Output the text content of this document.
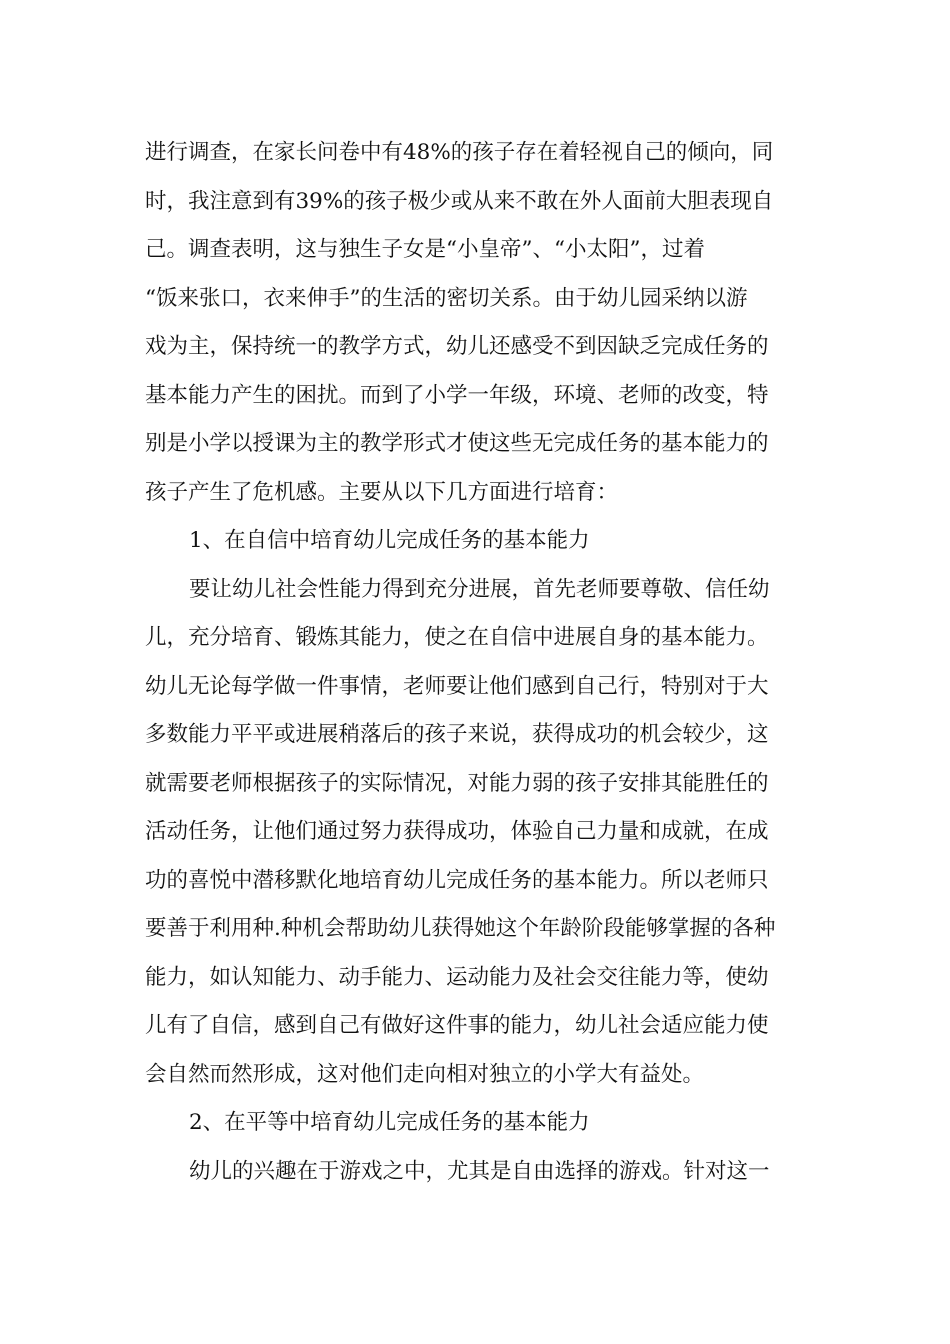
进行调查，在家长问卷中有48%的孩子存在着轻视自己的倾向，同
时，我注意到有39%的孩子极少或从来不敢在外人面前大胆表现自
己。调查表明，这与独生子女是“小皇帝”、“小太阳”，过着
“饭来张口，衣来伸手”的生活的密切关系。由于幼儿园采纳以游
戏为主，保持统一的教学方式，幼儿还感受不到因缺乏完成任务的
基本能力产生的困扰。而到了小学一年级，环境、老师的改变，特
别是小学以授课为主的教学形式才使这些无完成任务的基本能力的
孩子产生了危机感。主要从以下几方面进行培育：
1、在自信中培育幼儿完成任务的基本能力
要让幼儿社会性能力得到充分进展，首先老师要尊敬、信任幼
儿，充分培育、锻炼其能力，使之在自信中进展自身的基本能力。
幼儿无论每学做一件事情，老师要让他们感到自己行，特别对于大
多数能力平平或进展稍落后的孩子来说，获得成功的机会较少，这
就需要老师根据孩子的实际情况，对能力弱的孩子安排其能胜任的
活动任务，让他们通过努力获得成功，体验自己力量和成就，在成
功的喜悦中潜移默化地培育幼儿完成任务的基本能力。所以老师只
要善于利用种.种机会帮助幼儿获得她这个年龄阶段能够掌握的各种
能力，如认知能力、动手能力、运动能力及社会交往能力等，使幼
儿有了自信，感到自己有做好这件事的能力，幼儿社会适应能力使
会自然而然形成，这对他们走向相对独立的小学大有益处。
2、在平等中培育幼儿完成任务的基本能力
幼儿的兴趣在于游戏之中，尤其是自由选择的游戏。针对这一
